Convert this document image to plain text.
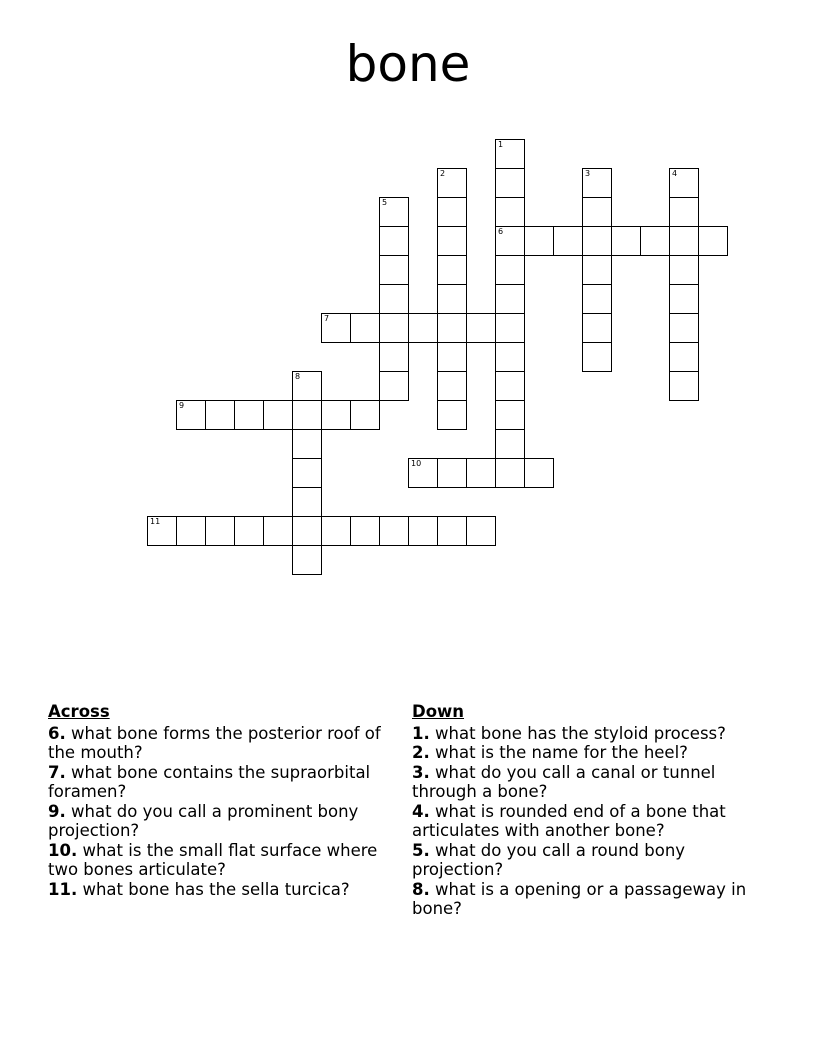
bone
1
6
2	3	4
5
7
8
9
10
11
Across
6. what bone forms the posterior roof of the mouth?
7. what bone contains the supraorbital foramen?
9. what do you call a prominent bony projection?
10. what is the small flat surface where two bones articulate?
11. what bone has the sella turcica?
Down
1. what bone has the styloid process?
2. what is the name for the heel?
3. what do you call a canal or tunnel through a bone?
4. what is rounded end of a bone that articulates with another bone?
5. what do you call a round bony projection?
8. what is a opening or a passageway in bone?
